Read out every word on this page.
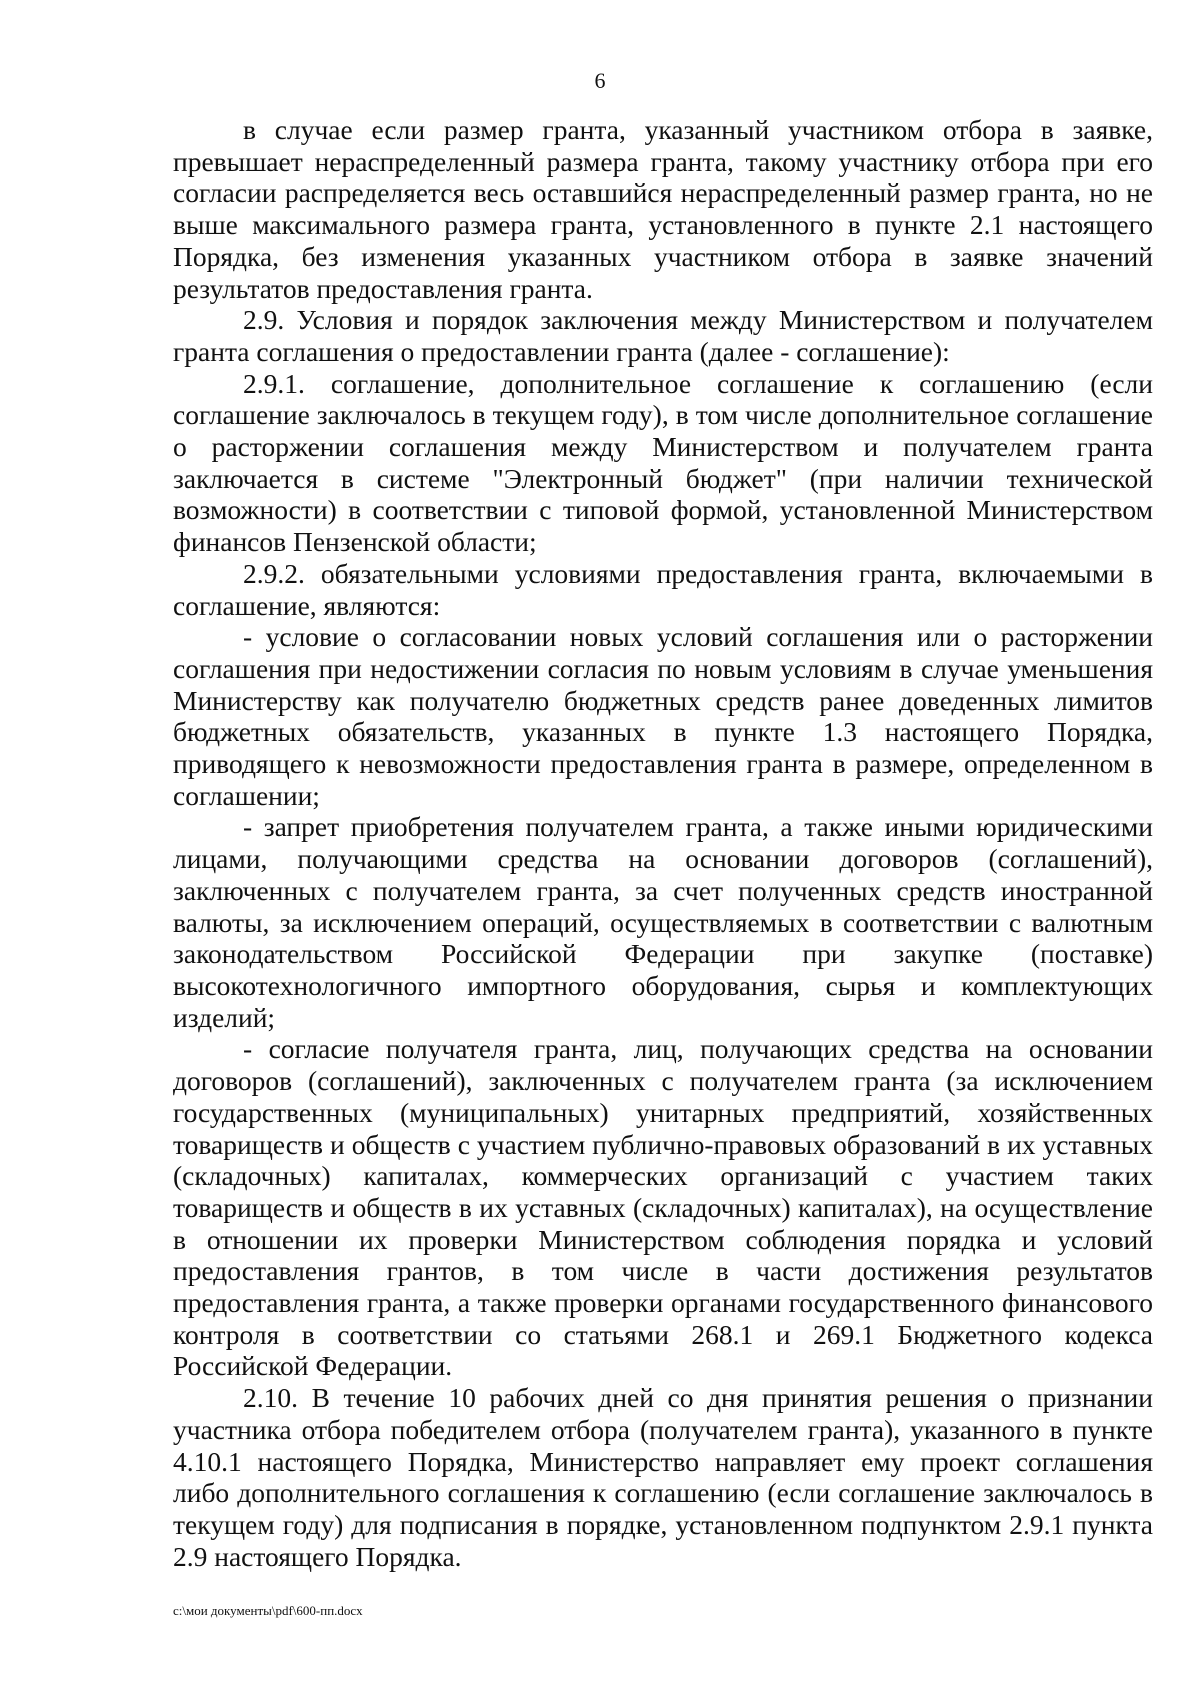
6

в случае если размер гранта, указанный участником отбора в заявке, превышает нераспределенный размера гранта, такому участнику отбора при его согласии распределяется весь оставшийся нераспределенный размер гранта, но не выше максимального размера гранта, установленного в пункте 2.1 настоящего Порядка, без изменения указанных участником отбора в заявке значений результатов предоставления гранта.

2.9. Условия и порядок заключения между Министерством и получателем гранта соглашения о предоставлении гранта (далее - соглашение):

2.9.1. соглашение, дополнительное соглашение к соглашению (если соглашение заключалось в текущем году), в том числе дополнительное соглашение о расторжении соглашения между Министерством и получателем гранта заключается в системе "Электронный бюджет" (при наличии технической возможности) в соответствии с типовой формой, установленной Министерством финансов Пензенской области;

2.9.2. обязательными условиями предоставления гранта, включаемыми в соглашение, являются:

- условие о согласовании новых условий соглашения или о расторжении соглашения при недостижении согласия по новым условиям в случае уменьшения Министерству как получателю бюджетных средств ранее доведенных лимитов бюджетных обязательств, указанных в пункте 1.3 настоящего Порядка, приводящего к невозможности предоставления гранта в размере, определенном в соглашении;

- запрет приобретения получателем гранта, а также иными юридическими лицами, получающими средства на основании договоров (соглашений), заключенных с получателем гранта, за счет полученных средств иностранной валюты, за исключением операций, осуществляемых в соответствии с валютным законодательством Российской Федерации при закупке (поставке) высокотехнологичного импортного оборудования, сырья и комплектующих изделий;

- согласие получателя гранта, лиц, получающих средства на основании договоров (соглашений), заключенных с получателем гранта (за исключением государственных (муниципальных) унитарных предприятий, хозяйственных товариществ и обществ с участием публично-правовых образований в их уставных (складочных) капиталах, коммерческих организаций с участием таких товариществ и обществ в их уставных (складочных) капиталах), на осуществление в отношении их проверки Министерством соблюдения порядка и условий предоставления грантов, в том числе в части достижения результатов предоставления гранта, а также проверки органами государственного финансового контроля в соответствии со статьями 268.1 и 269.1 Бюджетного кодекса Российской Федерации.

2.10. В течение 10 рабочих дней со дня принятия решения о признании участника отбора победителем отбора (получателем гранта), указанного в пункте 4.10.1 настоящего Порядка, Министерство направляет ему проект соглашения либо дополнительного соглашения к соглашению (если соглашение заключалось в текущем году) для подписания в порядке, установленном подпунктом 2.9.1 пункта 2.9 настоящего Порядка.

c:\мои документы\pdf\600-пп.docx
